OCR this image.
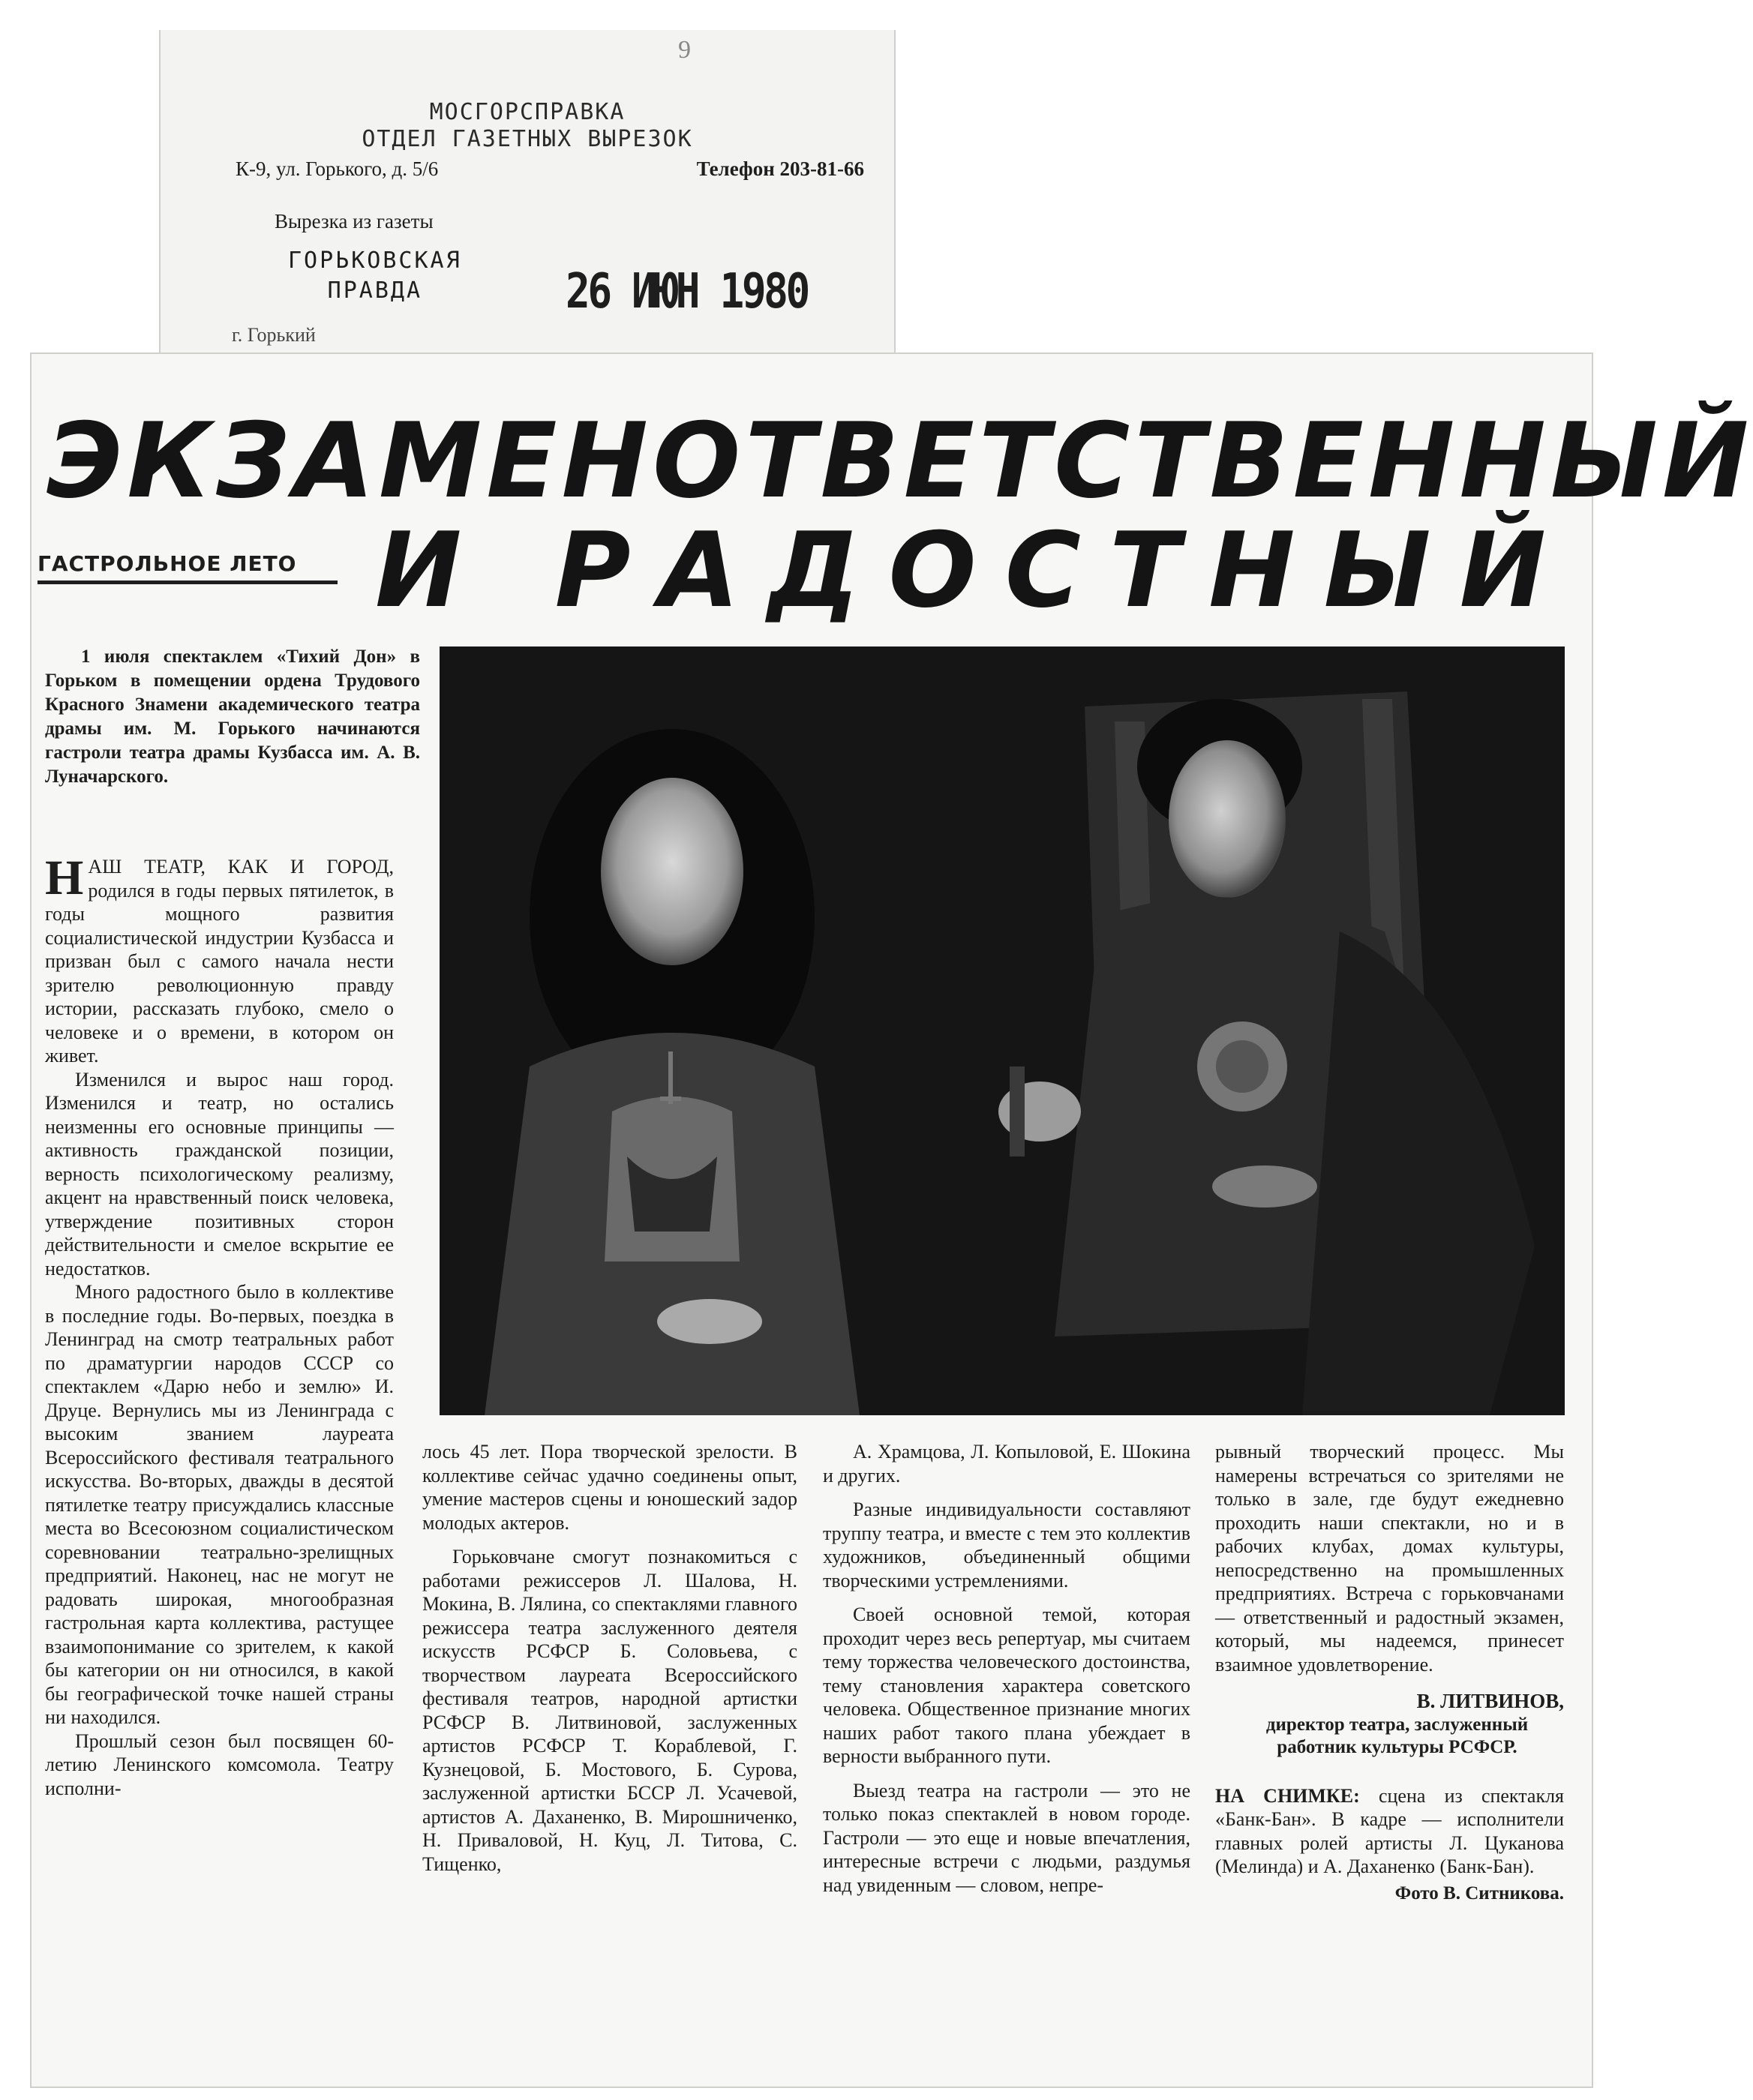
9
МОСГОРСПРАВКА
ОТДЕЛ ГАЗЕТНЫХ ВЫРЕЗОК
К-9, ул. Горького, д. 5/6	Телефон 203-81-66
Вырезка из газеты
ГОРЬКОВСКАЯ
ПРАВДА	26 ИЮН 1980
г. Горький
ЭКЗАМЕН ОТВЕТСТВЕННЫЙ
И РАДОСТНЫЙ
ГАСТРОЛЬНОЕ ЛЕТО
1 июля спектаклем «Тихий Дон» в Горьком в помещении ордена Трудового Красного Знамени академического театра драмы им. М. Горького начинаются гастроли театра драмы Кузбасса им. А. В. Луначарского.

НАШ ТЕАТР, КАК И ГОРОД, родился в годы первых пятилеток, в годы мощного развития социалистической индустрии Кузбасса и призван был с самого начала нести зрителю революционную правду истории, рассказать глубоко, смело о человеке и о времени, в котором он живет.

Изменился и вырос наш город. Изменился и театр, но остались неизменны его основные принципы — активность гражданской позиции, верность психологическому реализму, акцент на нравственный поиск человека, утверждение позитивных сторон действительности и смелое вскрытие ее недостатков.

Много радостного было в коллективе в последние годы. Во-первых, поездка в Ленинград на смотр театральных работ по драматургии народов СССР со спектаклем «Дарю небо и землю» И. Друце. Вернулись мы из Ленинграда с высоким званием лауреата Всероссийского фестиваля театрального искусства. Во-вторых, дважды в десятой пятилетке театру присуждались классные места во Всесоюзном социалистическом соревновании театрально-зрелищных предприятий. Наконец, нас не могут не радовать широкая, многообразная гастрольная карта коллектива, растущее взаимопонимание со зрителем, к какой бы категории он ни относился, в какой бы географической точке нашей страны ни находился.

Прошлый сезон был посвящен 60-летию Ленинского комсомола. Театру исполни-

лось 45 лет. Пора творческой зрелости. В коллективе сейчас удачно соединены опыт, умение мастеров сцены и юношеский задор молодых актеров.

Горьковчане смогут познакомиться с работами режиссеров Л. Шалова, Н. Мокина, В. Лялина, со спектаклями главного режиссера театра заслуженного деятеля искусств РСФСР Б. Соловьева, с творчеством лауреата Всероссийского фестиваля театров, народной артистки РСФСР В. Литвиновой, заслуженных артистов РСФСР Т. Кораблевой, Г. Кузнецовой, Б. Мостового, Б. Сурова, заслуженной артистки БССР Л. Усачевой, артистов А. Даханенко, В. Мирошниченко, Н. Приваловой, Н. Куц, Л. Титова, С. Тищенко,

А. Храмцова, Л. Копыловой, Е. Шокина и других.

Разные индивидуальности составляют труппу театра, и вместе с тем это коллектив художников, объединенный общими творческими устремлениями.

Своей основной темой, которая проходит через весь репертуар, мы считаем тему торжества человеческого достоинства, тему становления характера советского человека. Общественное признание многих наших работ такого плана убеждает в верности выбранного пути.

Выезд театра на гастроли — это не только показ спектаклей в новом городе. Гастроли — это еще и новые впечатления, интересные встречи с людьми, раздумья над увиденным — словом, непре-

рывный творческий процесс. Мы намерены встречаться со зрителями не только в зале, где будут ежедневно проходить наши спектакли, но и в рабочих клубах, домах культуры, непосредственно на промышленных предприятиях. Встреча с горьковчанами — ответственный и радостный экзамен, который, мы надеемся, принесет взаимное удовлетворение.

В. ЛИТВИНОВ,
директор театра, заслуженный работник культуры РСФСР.
НА СНИМКЕ: сцена из спектакля «Банк-Бан». В кадре — исполнители главных ролей артисты Л. Цуканова (Мелинда) и А. Даханенко (Банк-Бан).
Фото В. Ситникова.
